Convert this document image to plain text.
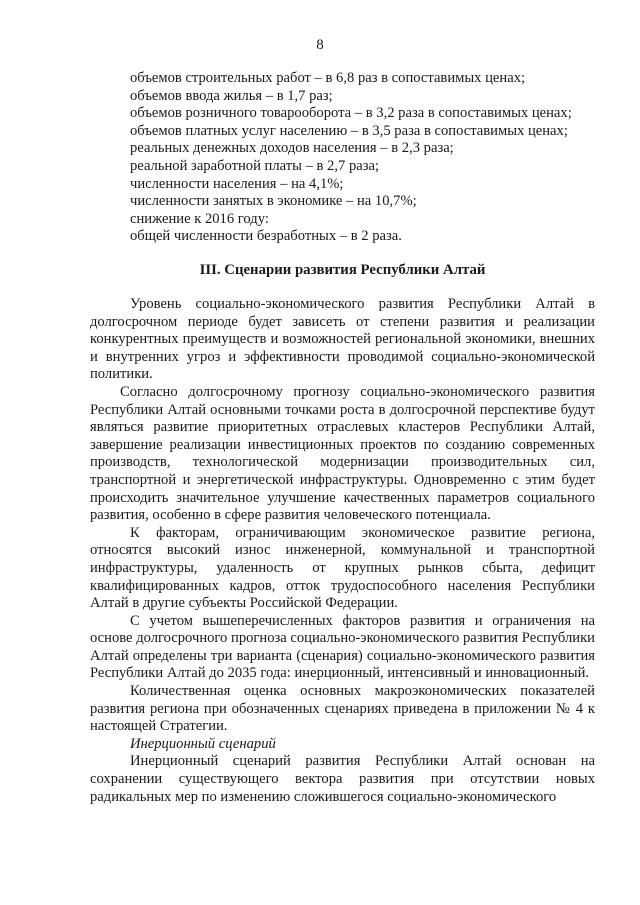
8
объемов строительных работ – в 6,8 раз в сопоставимых ценах;
объемов ввода жилья – в 1,7 раз;
объемов розничного товарооборота – в 3,2 раза в сопоставимых ценах;
объемов платных услуг населению – в 3,5 раза в сопоставимых ценах;
реальных денежных доходов населения – в 2,3 раза;
реальной заработной платы – в 2,7 раза;
численности населения – на 4,1%;
численности занятых в экономике – на 10,7%;
снижение к 2016 году:
общей численности безработных – в 2 раза.
III. Сценарии развития Республики Алтай

Уровень социально-экономического развития Республики Алтай в долгосрочном периоде будет зависеть от степени развития и реализации конкурентных преимуществ и возможностей региональной экономики, внешних и внутренних угроз и эффективности проводимой социально-экономической политики.

Согласно долгосрочному прогнозу социально-экономического развития Республики Алтай основными точками роста в долгосрочной перспективе будут являться развитие приоритетных отраслевых кластеров Республики Алтай, завершение реализации инвестиционных проектов по созданию современных производств, технологической модернизации производительных сил, транспортной и энергетической инфраструктуры. Одновременно с этим будет происходить значительное улучшение качественных параметров социального развития, особенно в сфере развития человеческого потенциала.

К факторам, ограничивающим экономическое развитие региона, относятся высокий износ инженерной, коммунальной и транспортной инфраструктуры, удаленность от крупных рынков сбыта, дефицит квалифицированных кадров, отток трудоспособного населения Республики Алтай в другие субъекты Российской Федерации.

С учетом вышеперечисленных факторов развития и ограничения на основе долгосрочного прогноза социально-экономического развития Республики Алтай определены три варианта (сценария) социально-экономического развития Республики Алтай до 2035 года: инерционный, интенсивный и инновационный.

Количественная оценка основных макроэкономических показателей развития региона при обозначенных сценариях приведена в приложении № 4 к настоящей Стратегии.

Инерционный сценарий

Инерционный сценарий развития Республики Алтай основан на сохранении существующего вектора развития при отсутствии новых радикальных мер по изменению сложившегося социально-экономического
